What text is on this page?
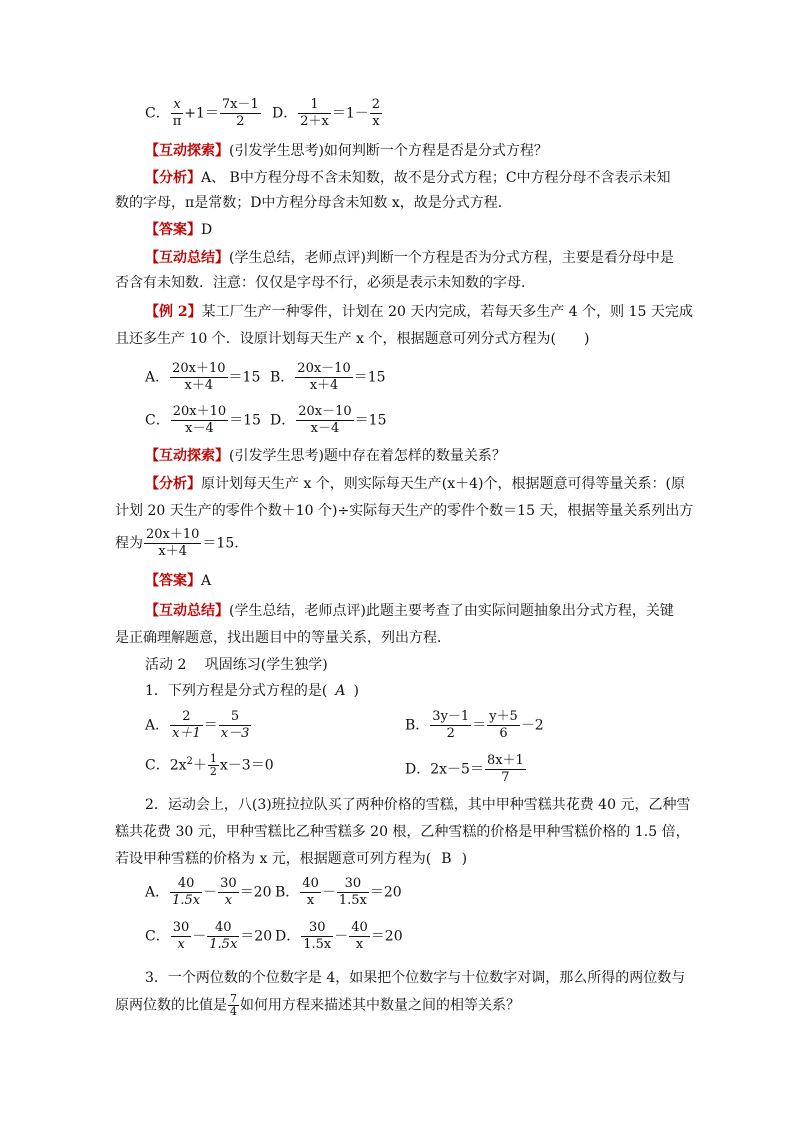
C． $\frac{x}{\pi} +1= \frac{7x-1}{2}$ D． $\frac{1}{2+x} =1- \frac{2}{x}$
【互动探索】(引发学生思考)如何判断一个方程是否是分式方程？
【分析】A、 B中方程分母不含未知数，故不是分式方程；C中方程分母不含表示未知
数的字母，π是常数；D中方程分母含未知数 x，故是分式方程．
【答案】D
【互动总结】(学生总结，老师点评)判断一个方程是否为分式方程，主要是看分母中是
否含有未知数．注意：仅仅是字母不行，必须是表示未知数的字母．
【例 2】某工厂生产一种零件，计划在 20 天内完成，若每天多生产 4 个，则 15 天完成
且还多生产 10 个．设原计划每天生产 x 个，根据题意可列分式方程为(　　)
A． $\frac{20x+10}{x+4} =15$ B． $\frac{20x-10}{x+4} =15$
C． $\frac{20x+10}{x-4} =15$ D． $\frac{20x-10}{x-4} =15$
【互动探索】(引发学生思考)题中存在着怎样的数量关系？
【分析】原计划每天生产 x 个，则实际每天生产(x＋4)个，根据题意可得等量关系：(原
计划 20 天生产的零件个数＋10 个)÷实际每天生产的零件个数＝15 天，根据等量关系列出方
程为 $\frac{20x+10}{x+4} =15$.
【答案】A
【互动总结】(学生总结，老师点评)此题主要考查了由实际问题抽象出分式方程，关键
是正确理解题意，找出题目中的等量关系，列出方程．
活动 2　 巩固练习(学生独学)
1．下列方程是分式方程的是( A )
A． $\frac{2}{x+1} = \frac{5}{x-3}$	B． $\frac{3y-1}{2} = \frac{y+5}{6} -2$
C．$2x^2+ \frac{1}{2} x-3=0$	D．$2x-5= \frac{8x+1}{7}$
2．运动会上，八(3)班拉拉队买了两种价格的雪糕，其中甲种雪糕共花费 40 元，乙种雪
糕共花费 30 元，甲种雪糕比乙种雪糕多 20 根，乙种雪糕的价格是甲种雪糕价格的 1.5 倍，
若设甲种雪糕的价格为 x 元，根据题意可列方程为( B )
A． $\frac{40}{1.5x} - \frac{30}{x} =20$ B． $\frac{40}{x} - \frac{30}{1.5x} =20$
C． $\frac{30}{x} - \frac{40}{1.5x} =20$ D． $\frac{30}{1.5x} - \frac{40}{x} =20$
3．一个两位数的个位数字是 4，如果把个位数字与十位数字对调，那么所得的两位数与
原两位数的比值是 $\frac{7}{4}$ 如何用方程来描述其中数量之间的相等关系？
